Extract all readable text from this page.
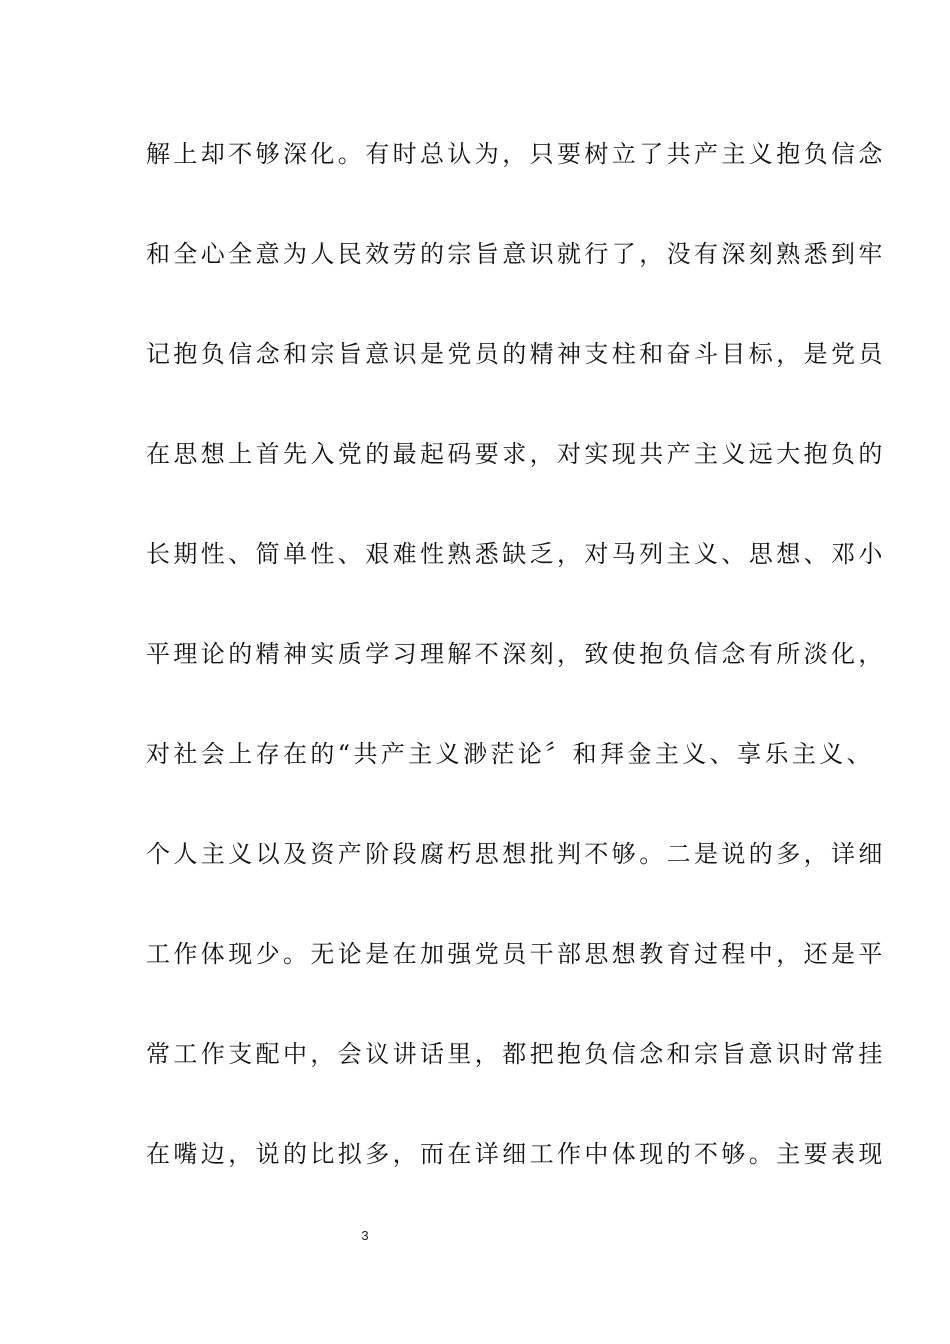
解上却不够深化。有时总认为，只要树立了共产主义抱负信念
和全心全意为人民效劳的宗旨意识就行了，没有深刻熟悉到牢
记抱负信念和宗旨意识是党员的精神支柱和奋斗目标，是党员
在思想上首先入党的最起码要求，对实现共产主义远大抱负的
长期性、简单性、艰难性熟悉缺乏，对马列主义、思想、邓小
平理论的精神实质学习理解不深刻，致使抱负信念有所淡化，
对社会上存在的“共产主义渺茫论〞和拜金主义、享乐主义、
个人主义以及资产阶段腐朽思想批判不够。二是说的多，详细
工作体现少。无论是在加强党员干部思想教育过程中，还是平
常工作支配中，会议讲话里，都把抱负信念和宗旨意识时常挂
在嘴边，说的比拟多，而在详细工作中体现的不够。主要表现
3
